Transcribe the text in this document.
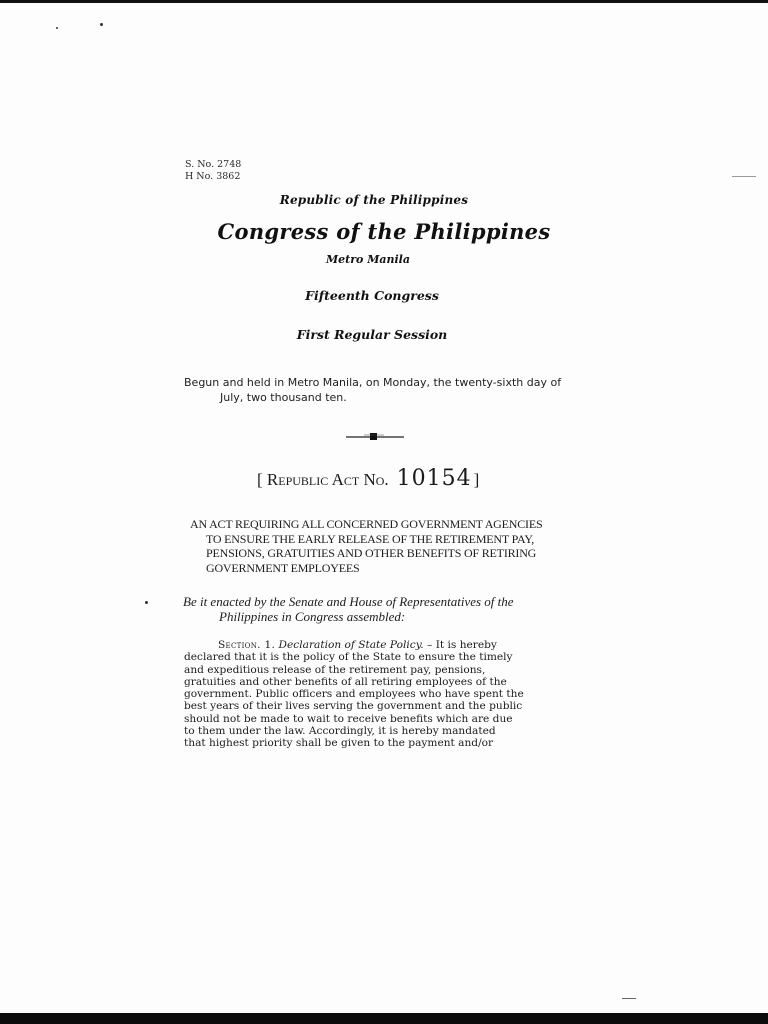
S. No. 2748
H No. 3862
Republic of the Philippines
Congress of the Philippines
Metro Manila
Fifteenth Congress
First Regular Session
Begun and held in Metro Manila, on Monday, the twenty-sixth day of
July, two thousand ten.
[ Republic Act No. 10154 ]
AN ACT REQUIRING ALL CONCERNED GOVERNMENT AGENCIES
TO ENSURE THE EARLY RELEASE OF THE RETIREMENT PAY,
PENSIONS, GRATUITIES AND OTHER BENEFITS OF RETIRING
GOVERNMENT EMPLOYEES
Be it enacted by the Senate and House of Representatives of the
Philippines in Congress assembled:
Section. 1. Declaration of State Policy. – It is hereby
declared that it is the policy of the State to ensure the timely
and expeditious release of the retirement pay, pensions,
gratuities and other benefits of all retiring employees of the
government. Public officers and employees who have spent the
best years of their lives serving the government and the public
should not be made to wait to receive benefits which are due
to them under the law. Accordingly, it is hereby mandated
that highest priority shall be given to the payment and/or
